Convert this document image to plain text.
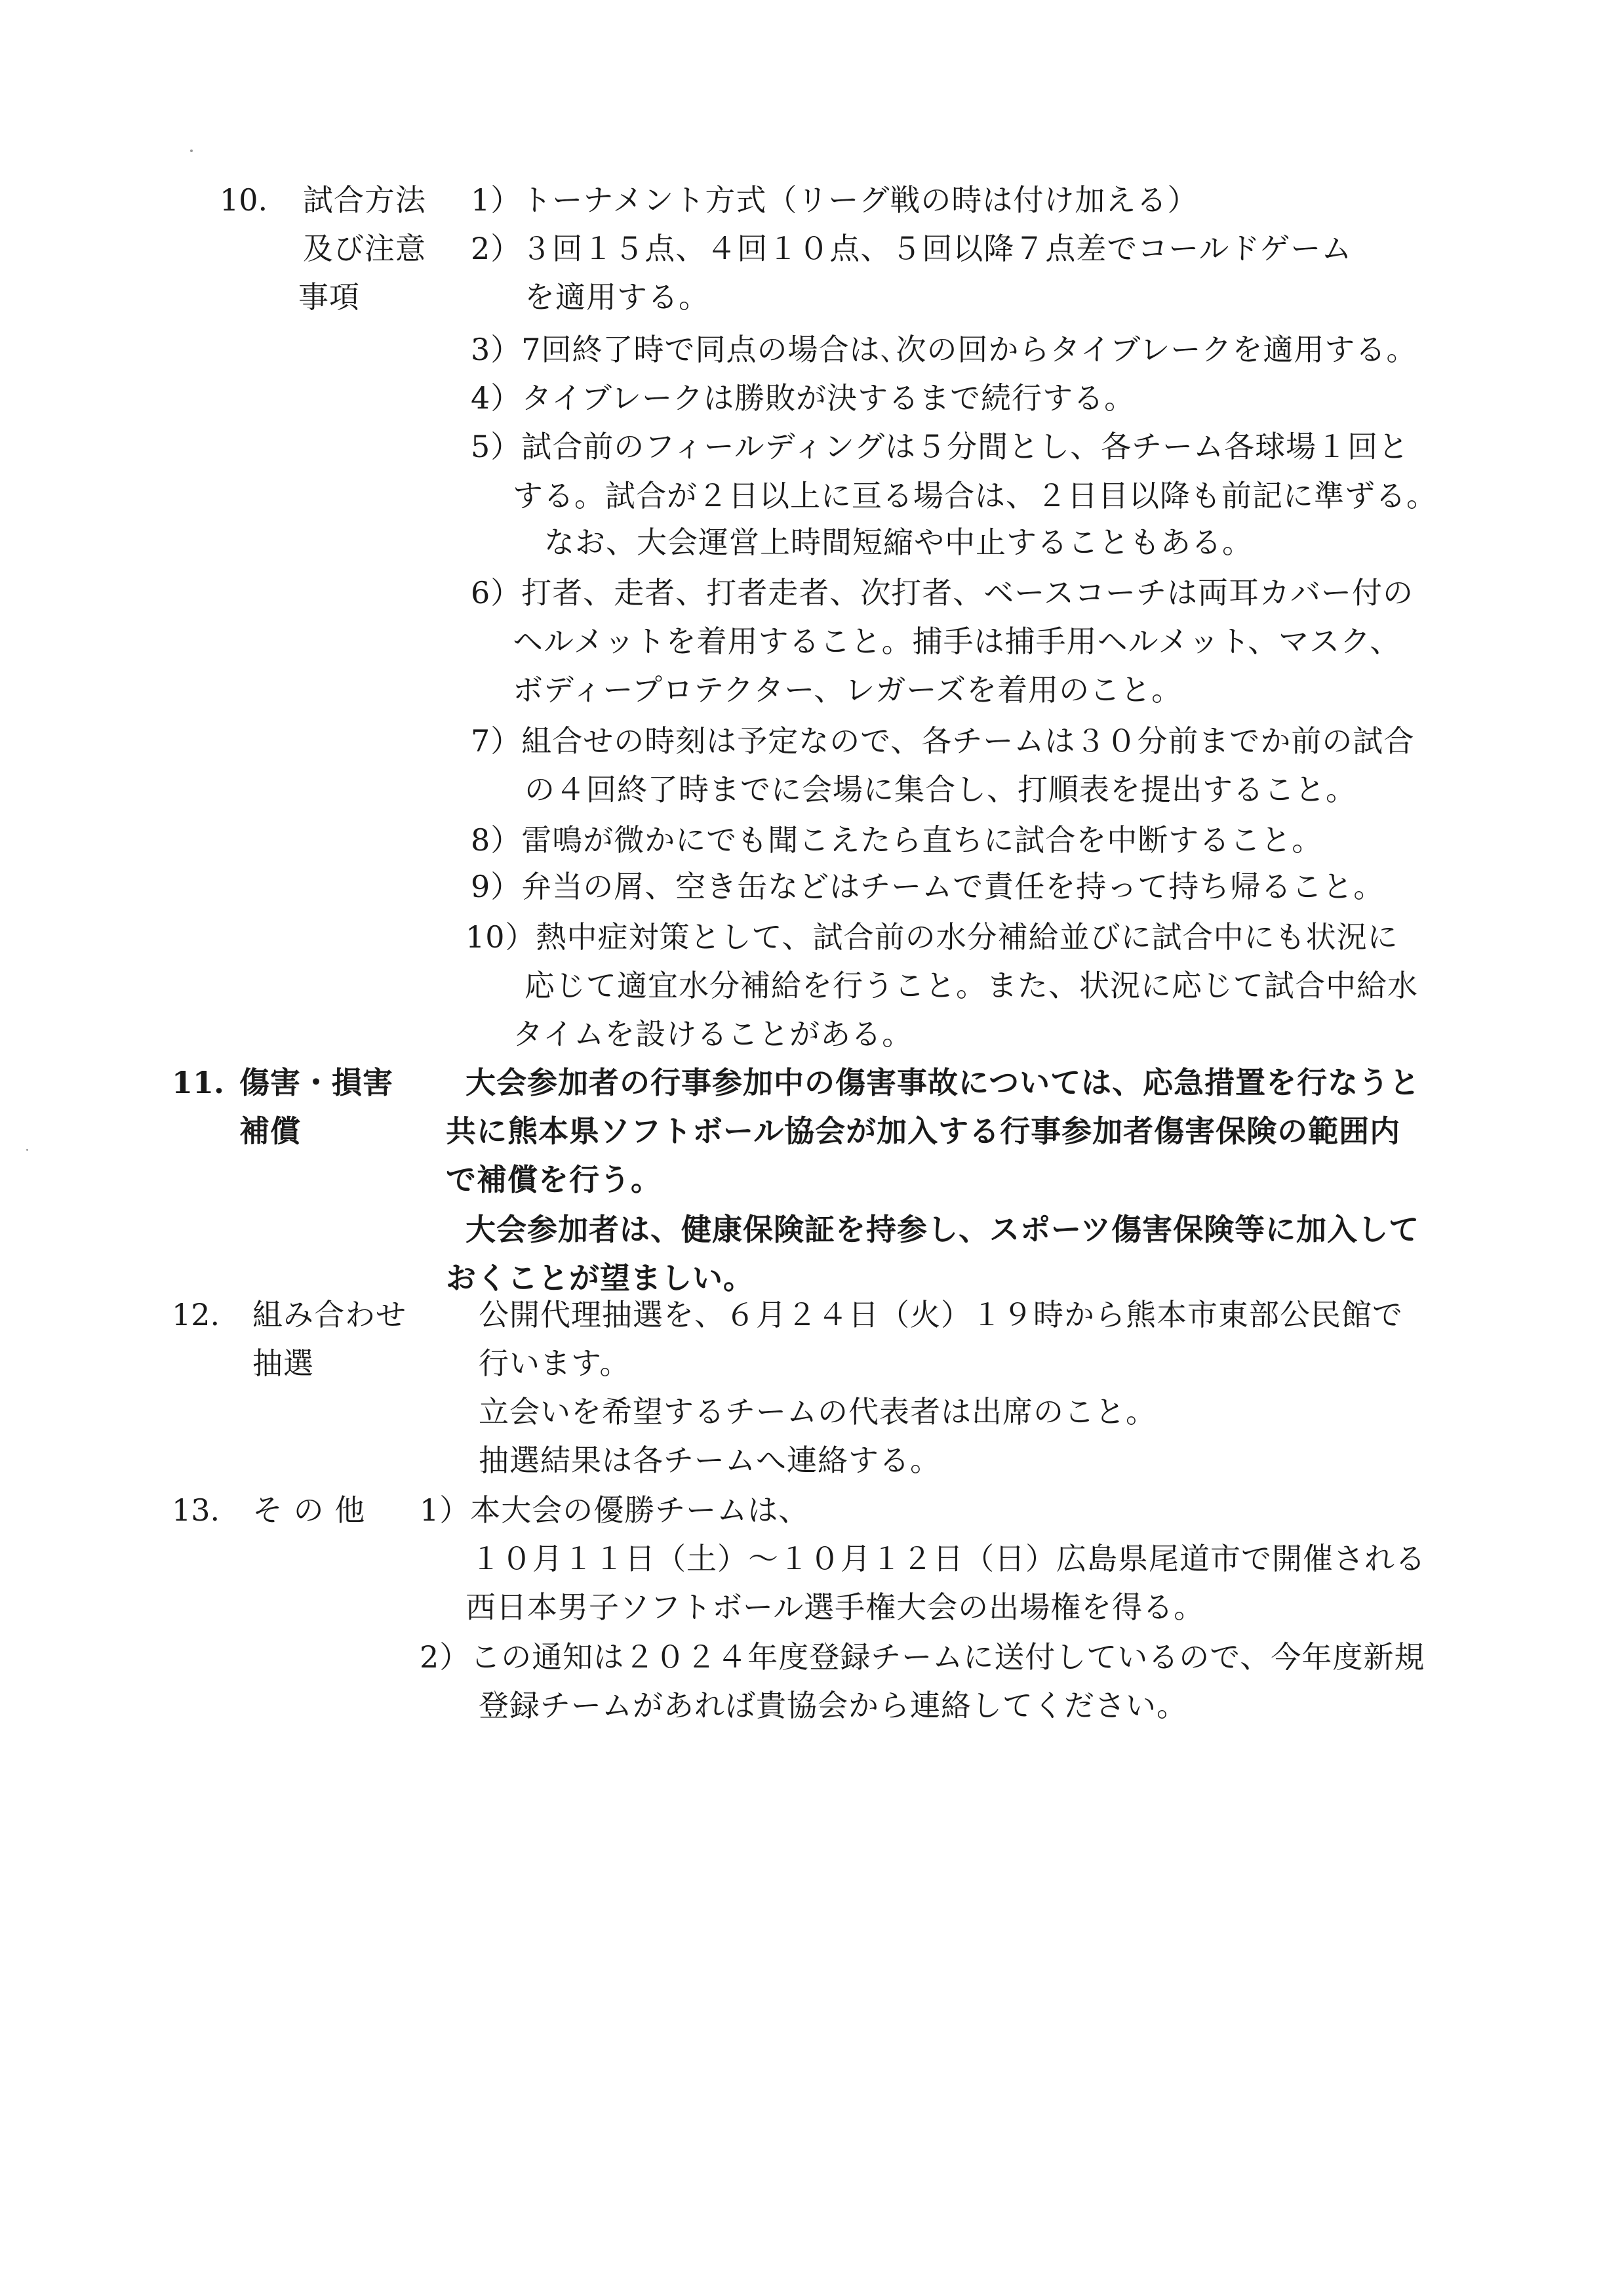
10. 試合方法
及び注意
事項
1）トーナメント方式（リーグ戦の時は付け加える）
2）３回１５点、４回１０点、５回以降７点差でコールドゲーム
を適用する。
3）7回終了時で同点の場合は､次の回からタイブレークを適用する。
4）タイブレークは勝敗が決するまで続行する。
5）試合前のフィールディングは５分間とし、各チーム各球場１回と
する。試合が２日以上に亘る場合は、２日目以降も前記に準ずる。
なお、大会運営上時間短縮や中止することもある。
6）打者、走者、打者走者、次打者、ベースコーチは両耳カバー付の
ヘルメットを着用すること。捕手は捕手用ヘルメット、マスク、
ボディープロテクター、レガーズを着用のこと。
7）組合せの時刻は予定なので、各チームは３０分前までか前の試合
の４回終了時までに会場に集合し、打順表を提出すること。
8）雷鳴が微かにでも聞こえたら直ちに試合を中断すること。
9）弁当の屑、空き缶などはチームで責任を持って持ち帰ること。
10）熱中症対策として、試合前の水分補給並びに試合中にも状況に
応じて適宜水分補給を行うこと。また、状況に応じて試合中給水
タイムを設けることがある。
11. 傷害・損害
補償
大会参加者の行事参加中の傷害事故については、応急措置を行なうと
共に熊本県ソフトボール協会が加入する行事参加者傷害保険の範囲内
で補償を行う。
大会参加者は、健康保険証を持参し、スポーツ傷害保険等に加入して
おくことが望ましい。
12. 組み合わせ
抽選
公開代理抽選を、６月２４日（火）１９時から熊本市東部公民館で
行います。
立会いを希望するチームの代表者は出席のこと。
抽選結果は各チームへ連絡する。
13. そ の 他 1）本大会の優勝チームは、
１０月１１日（土）～１０月１２日（日）広島県尾道市で開催される
西日本男子ソフトボール選手権大会の出場権を得る。
2）この通知は２０２４年度登録チームに送付しているので、今年度新規
登録チームがあれば貴協会から連絡してください。
